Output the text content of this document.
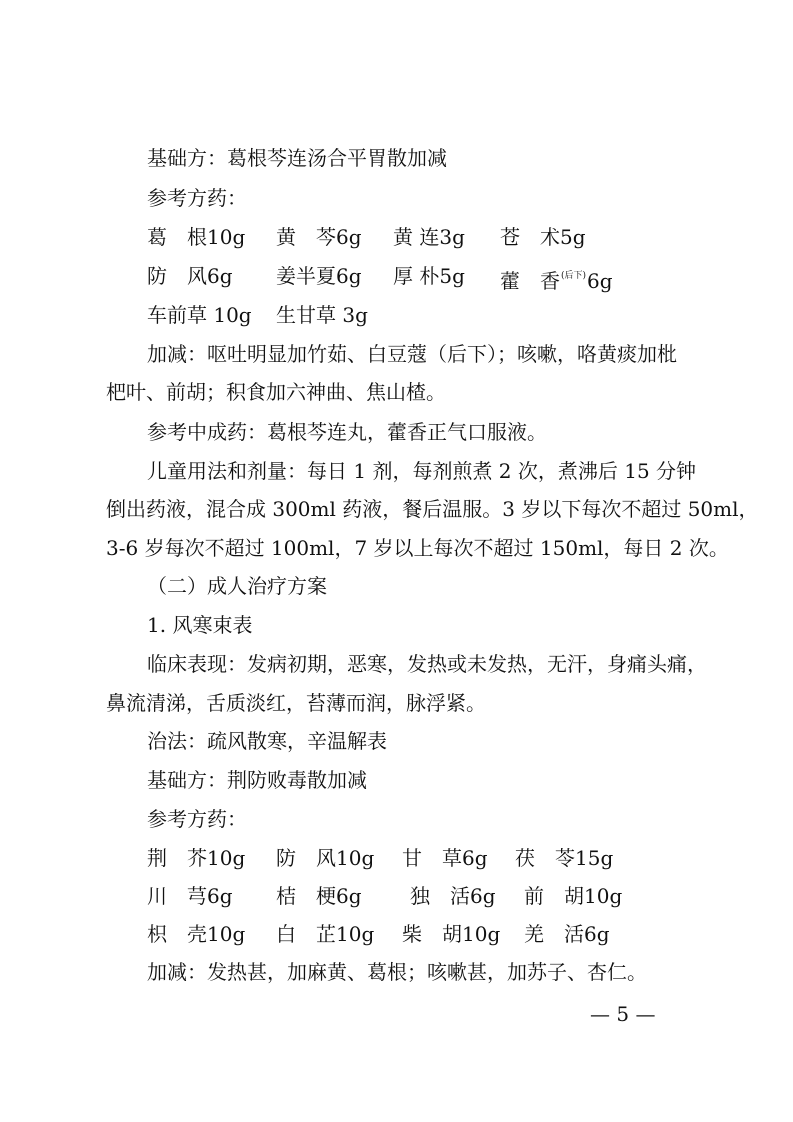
基础方：葛根芩连汤合平胃散加减
参考方药：
葛　根10g 黄　芩6g 黄 连3g 苍　术5g
防　风6g 姜半夏6g 厚 朴5g 藿　香$^{(后下)}$6g
车前草 10g 生甘草 3g
加减：呕吐明显加竹茹、白豆蔻（后下）；咳嗽，咯黄痰加枇
杷叶、前胡；积食加六神曲、焦山楂。
参考中成药：葛根芩连丸，藿香正气口服液。
儿童用法和剂量：每日 1 剂，每剂煎煮 2 次，煮沸后 15 分钟
倒出药液，混合成 300ml 药液，餐后温服。3 岁以下每次不超过 50ml，
3-6 岁每次不超过 100ml，7 岁以上每次不超过 150ml，每日 2 次。
（二）成人治疗方案
1. 风寒束表
临床表现：发病初期，恶寒，发热或未发热，无汗，身痛头痛，
鼻流清涕，舌质淡红，苔薄而润，脉浮紧。
治法：疏风散寒，辛温解表
基础方：荆防败毒散加减
参考方药：
荆　芥10g 防　风10g 甘　草6g 茯　苓15g
川　芎6g 桔　梗6g 独　活6g 前　胡10g
枳　壳10g 白　芷10g 柴　胡10g 羌　活6g
加减：发热甚，加麻黄、葛根；咳嗽甚，加苏子、杏仁。
— 5 —
